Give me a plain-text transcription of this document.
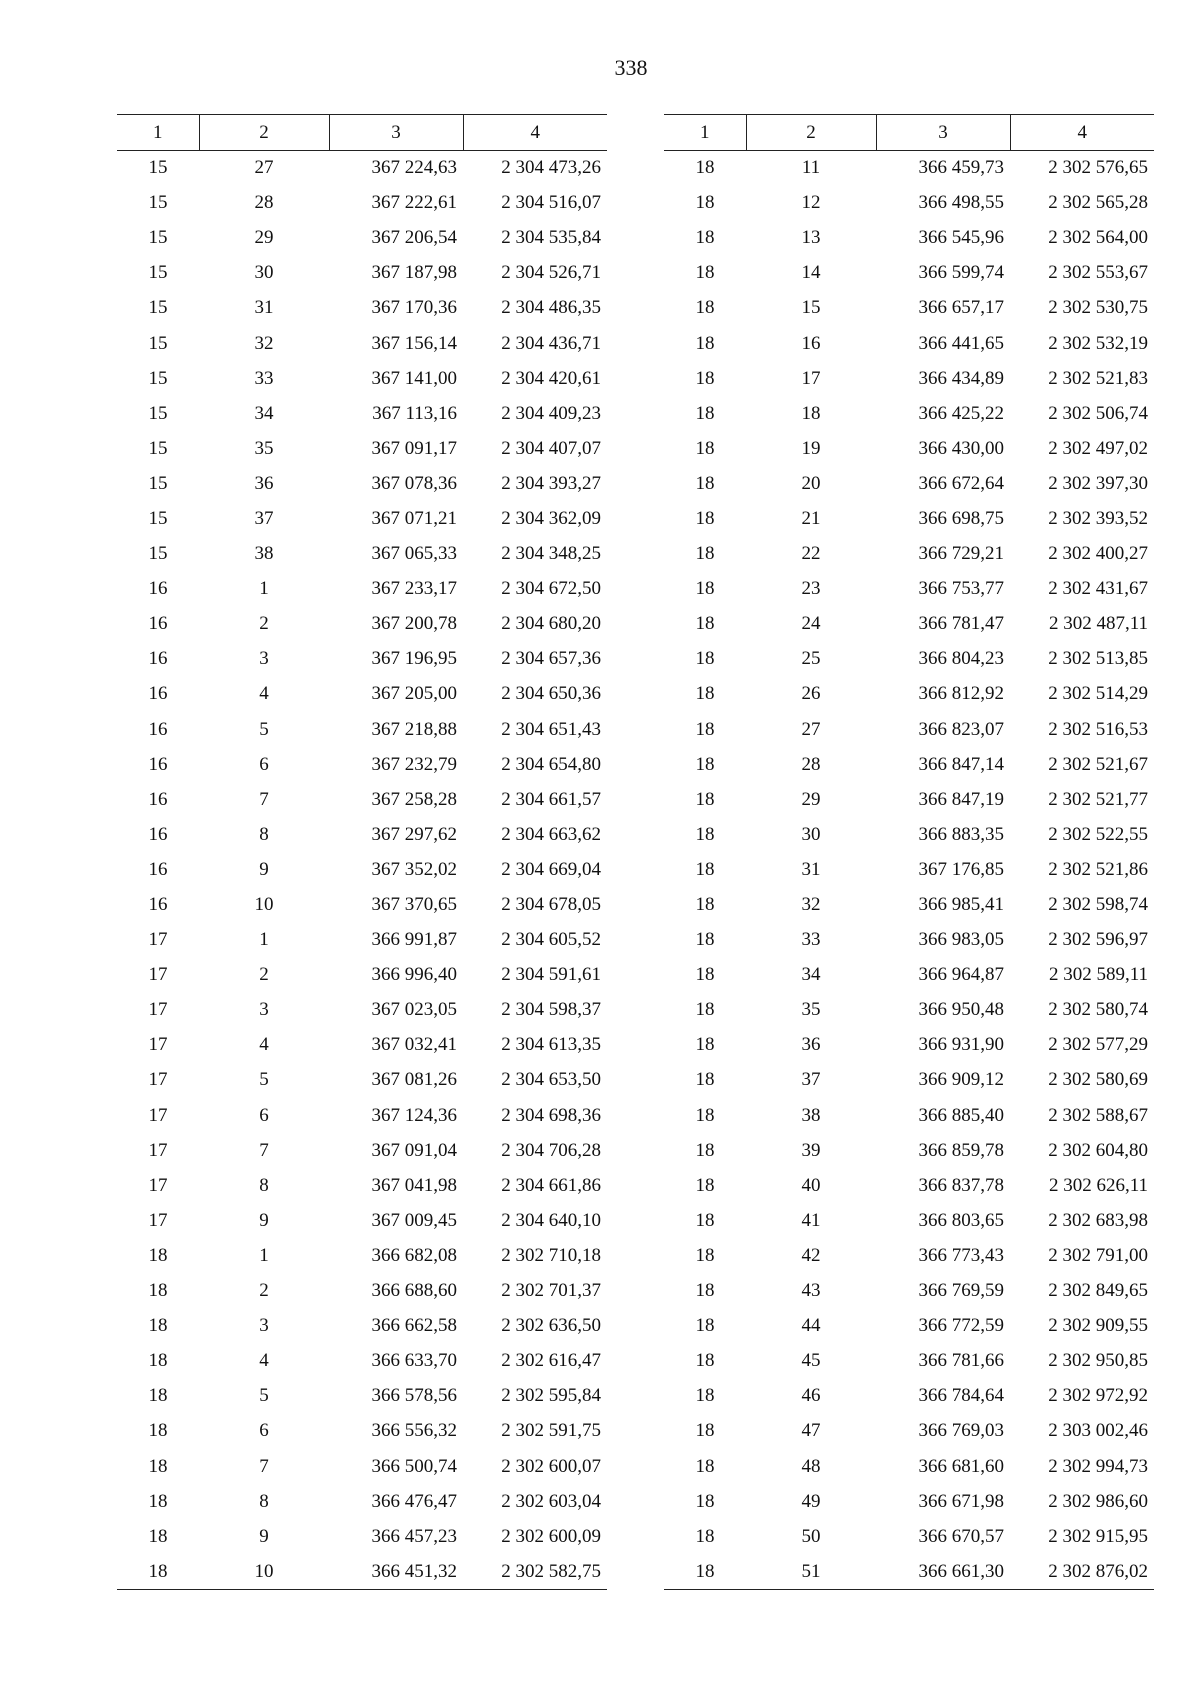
338
1	2	3	4
15	27	367 224,63	2 304 473,26
15	28	367 222,61	2 304 516,07
15	29	367 206,54	2 304 535,84
15	30	367 187,98	2 304 526,71
15	31	367 170,36	2 304 486,35
15	32	367 156,14	2 304 436,71
15	33	367 141,00	2 304 420,61
15	34	367 113,16	2 304 409,23
15	35	367 091,17	2 304 407,07
15	36	367 078,36	2 304 393,27
15	37	367 071,21	2 304 362,09
15	38	367 065,33	2 304 348,25
16	1	367 233,17	2 304 672,50
16	2	367 200,78	2 304 680,20
16	3	367 196,95	2 304 657,36
16	4	367 205,00	2 304 650,36
16	5	367 218,88	2 304 651,43
16	6	367 232,79	2 304 654,80
16	7	367 258,28	2 304 661,57
16	8	367 297,62	2 304 663,62
16	9	367 352,02	2 304 669,04
16	10	367 370,65	2 304 678,05
17	1	366 991,87	2 304 605,52
17	2	366 996,40	2 304 591,61
17	3	367 023,05	2 304 598,37
17	4	367 032,41	2 304 613,35
17	5	367 081,26	2 304 653,50
17	6	367 124,36	2 304 698,36
17	7	367 091,04	2 304 706,28
17	8	367 041,98	2 304 661,86
17	9	367 009,45	2 304 640,10
18	1	366 682,08	2 302 710,18
18	2	366 688,60	2 302 701,37
18	3	366 662,58	2 302 636,50
18	4	366 633,70	2 302 616,47
18	5	366 578,56	2 302 595,84
18	6	366 556,32	2 302 591,75
18	7	366 500,74	2 302 600,07
18	8	366 476,47	2 302 603,04
18	9	366 457,23	2 302 600,09
18	10	366 451,32	2 302 582,75
1	2	3	4
18	11	366 459,73	2 302 576,65
18	12	366 498,55	2 302 565,28
18	13	366 545,96	2 302 564,00
18	14	366 599,74	2 302 553,67
18	15	366 657,17	2 302 530,75
18	16	366 441,65	2 302 532,19
18	17	366 434,89	2 302 521,83
18	18	366 425,22	2 302 506,74
18	19	366 430,00	2 302 497,02
18	20	366 672,64	2 302 397,30
18	21	366 698,75	2 302 393,52
18	22	366 729,21	2 302 400,27
18	23	366 753,77	2 302 431,67
18	24	366 781,47	2 302 487,11
18	25	366 804,23	2 302 513,85
18	26	366 812,92	2 302 514,29
18	27	366 823,07	2 302 516,53
18	28	366 847,14	2 302 521,67
18	29	366 847,19	2 302 521,77
18	30	366 883,35	2 302 522,55
18	31	367 176,85	2 302 521,86
18	32	366 985,41	2 302 598,74
18	33	366 983,05	2 302 596,97
18	34	366 964,87	2 302 589,11
18	35	366 950,48	2 302 580,74
18	36	366 931,90	2 302 577,29
18	37	366 909,12	2 302 580,69
18	38	366 885,40	2 302 588,67
18	39	366 859,78	2 302 604,80
18	40	366 837,78	2 302 626,11
18	41	366 803,65	2 302 683,98
18	42	366 773,43	2 302 791,00
18	43	366 769,59	2 302 849,65
18	44	366 772,59	2 302 909,55
18	45	366 781,66	2 302 950,85
18	46	366 784,64	2 302 972,92
18	47	366 769,03	2 303 002,46
18	48	366 681,60	2 302 994,73
18	49	366 671,98	2 302 986,60
18	50	366 670,57	2 302 915,95
18	51	366 661,30	2 302 876,02
